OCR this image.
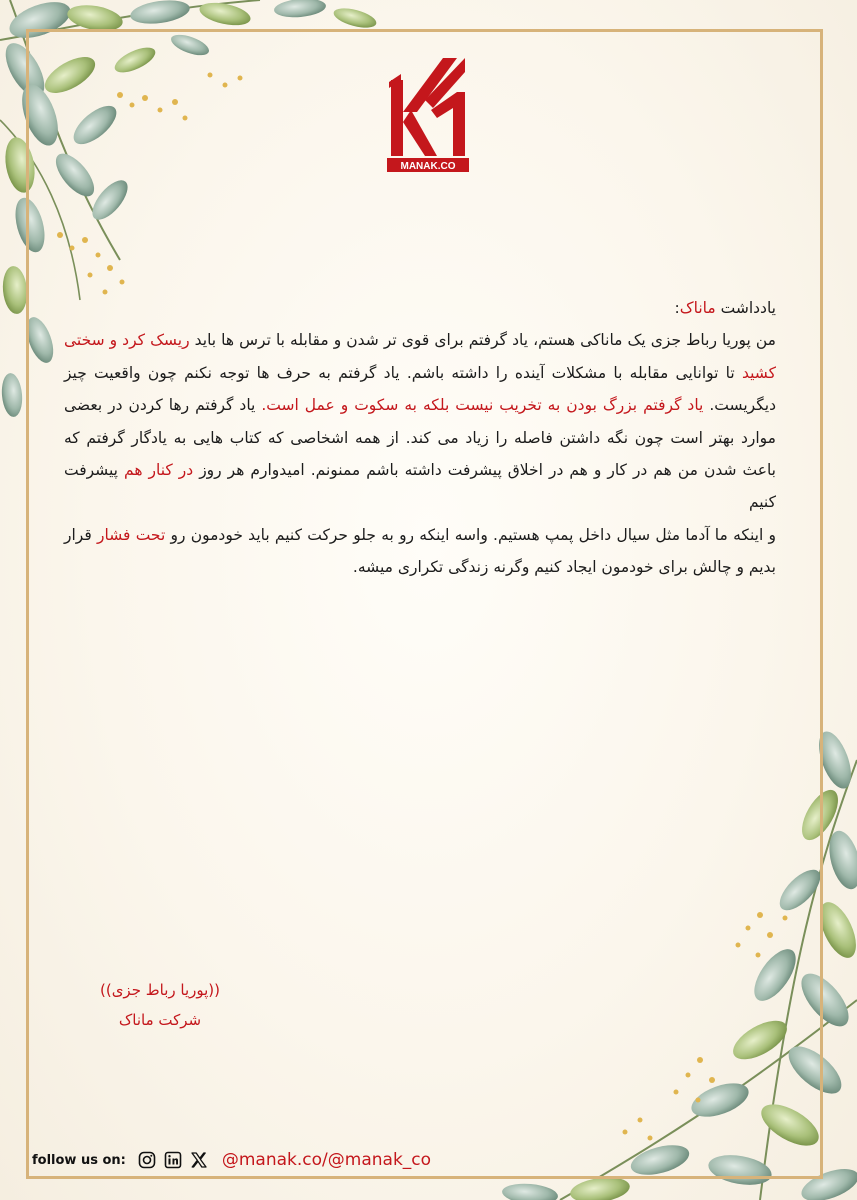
MANAK.CO

یادداشت ماناک:

من پوریا رباط جزی یک ماناکی هستم، یاد گرفتم برای قوی تر شدن و مقابله با ترس ها باید ریسک کرد و سختی کشید تا توانایی مقابله با مشکلات آینده را داشته باشم. یاد گرفتم به حرف ها توجه نکنم چون واقعیت چیز دیگریست. یاد گرفتم بزرگ بودن به تخریب نیست بلکه به سکوت و عمل است. یاد گرفتم رها کردن در بعضی موارد بهتر است چون نگه داشتن فاصله را زیاد می کند. از همه اشخاصی که کتاب هایی به یادگار گرفتم که باعث شدن من هم در کار و هم در اخلاق پیشرفت داشته باشم ممنونم. امیدوارم هر روز در کنار هم پیشرفت کنیم

و اینکه ما آدما مثل سیال داخل پمپ هستیم. واسه اینکه رو به جلو حرکت کنیم باید خودمون رو تحت فشار قرار بدیم و چالش برای خودمون ایجاد کنیم وگرنه زندگی تکراری میشه.

((پوریا رباط جزی))
شرکت ماناک
follow us on:	@manak.co/@manak_co
